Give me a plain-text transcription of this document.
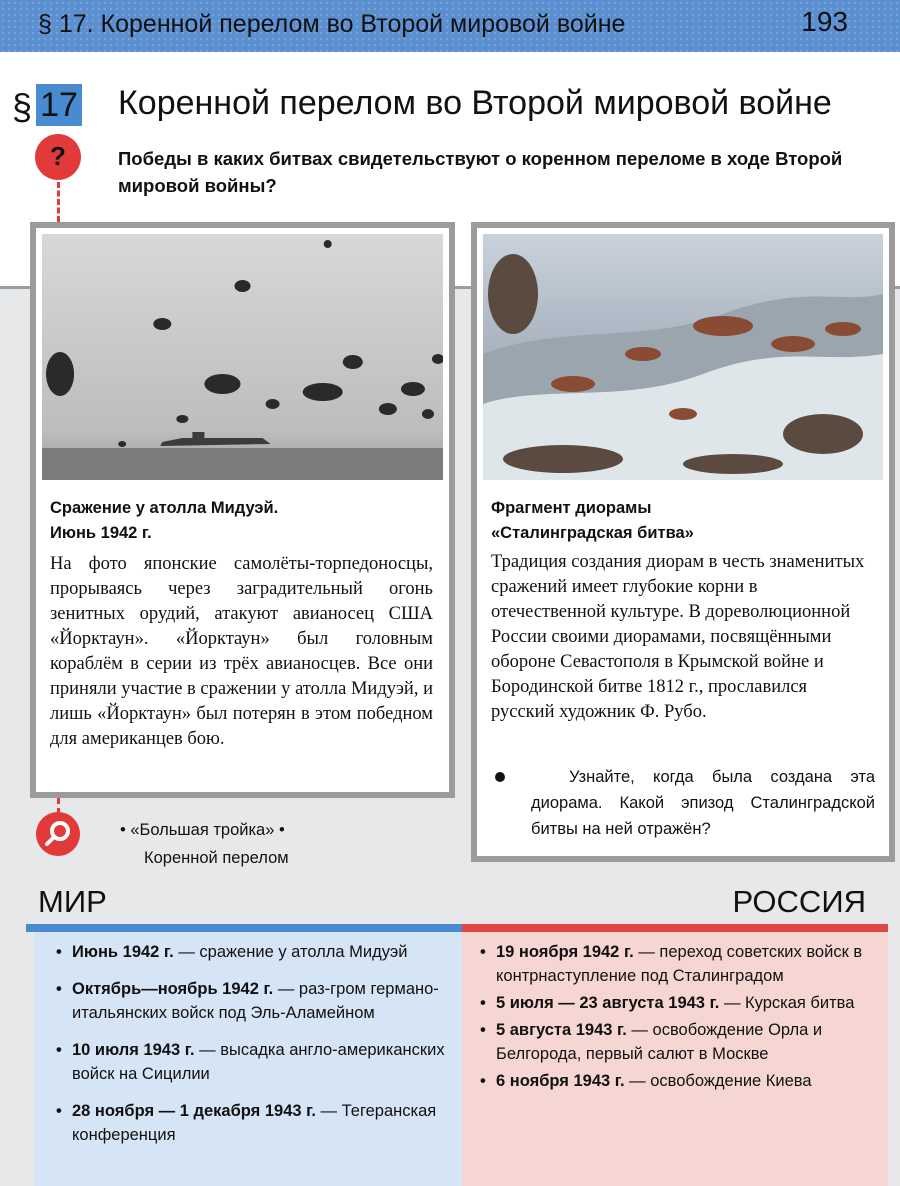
§ 17. Коренной перелом во Второй мировой войне	193
§ 17 Коренной перелом во Второй мировой войне
?	Победы в каких битвах свидетельствуют о коренном переломе в ходе Второй мировой войны?
Сражение у атолла Мидуэй.
Июнь 1942 г.
На фото японские самолёты-торпедоносцы, прорываясь через заградительный огонь зенитных орудий, атакуют авианосец США «Йорктаун». «Йорктаун» был головным кораблём в серии из трёх авианосцев. Все они приняли участие в сражении у атолла Мидуэй, и лишь «Йорктаун» был потерян в этом победном для американцев бою.
Фрагмент диорамы
«Сталинградская битва»
Традиция создания диорам в честь знаменитых сражений имеет глубокие корни в отечественной культуре. В дореволюционной России своими диорамами, посвящёнными обороне Севастополя в Крымской войне и Бородинской битве 1812 г., прославился русский художник Ф. Рубо.
Узнайте, когда была создана эта диорама. Какой эпизод Сталинградской битвы на ней отражён?
• «Большая тройка» •
Коренной перелом
МИР	РОССИЯ
• Июнь 1942 г. — сражение у атолла Мидуэй
• Октябрь—ноябрь 1942 г. — раз-гром германо-итальянских войск под Эль-Аламейном
• 10 июля 1943 г. — высадка англо-американских войск на Сицилии
• 28 ноября — 1 декабря 1943 г. — Тегеранская конференция
• 19 ноября 1942 г. — переход советских войск в контрнаступление под Сталинградом
• 5 июля — 23 августа 1943 г. — Курская битва
• 5 августа 1943 г. — освобождение Орла и Белгорода, первый салют в Москве
• 6 ноября 1943 г. — освобождение Киева
